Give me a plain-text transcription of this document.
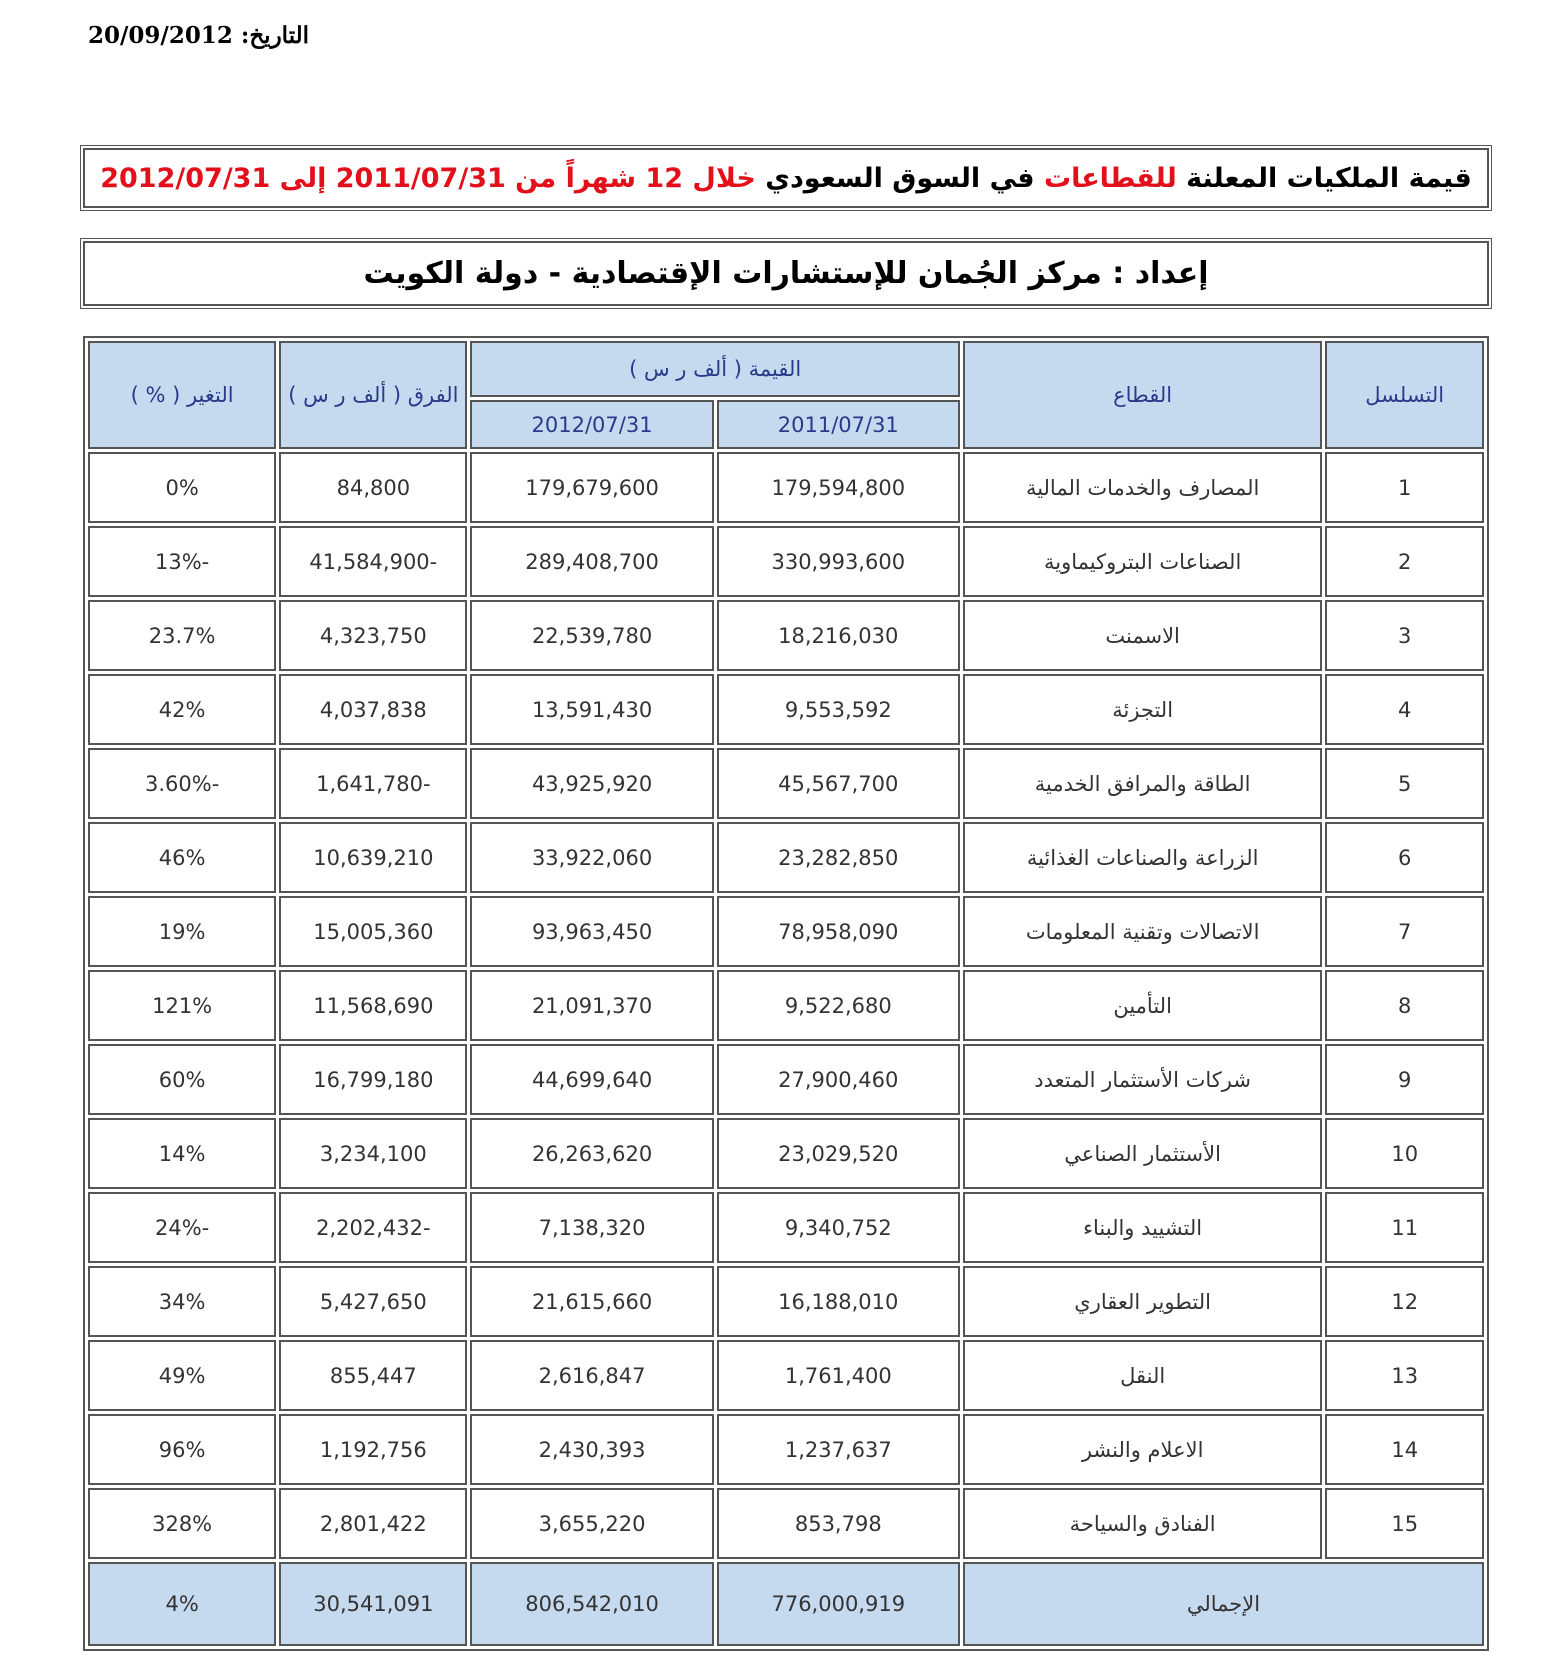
التاريخ: 20/09/2012
قيمة الملكيات المعلنة للقطاعات في السوق السعودي خلال 12 شهراً من 2011/07/31 إلى 2012/07/31
إعداد : مركز الجُمان للإستشارات الإقتصادية - دولة الكويت
التسلسل	القطاع	القيمة ( ألف ر س )		الفرق ( ألف ر س )	التغير ( % )
		2011/07/31	2012/07/31		
1	المصارف والخدمات المالية	179,594,800	179,679,600	84,800	0%
2	الصناعات البتروكيماوية	330,993,600	289,408,700	-41,584,900	-13%
3	الاسمنت	18,216,030	22,539,780	4,323,750	23.7%
4	التجزئة	9,553,592	13,591,430	4,037,838	42%
5	الطاقة والمرافق الخدمية	45,567,700	43,925,920	-1,641,780	-3.60%
6	الزراعة والصناعات الغذائية	23,282,850	33,922,060	10,639,210	46%
7	الاتصالات وتقنية المعلومات	78,958,090	93,963,450	15,005,360	19%
8	التأمين	9,522,680	21,091,370	11,568,690	121%
9	شركات الأستثمار المتعدد	27,900,460	44,699,640	16,799,180	60%
10	الأستثمار الصناعي	23,029,520	26,263,620	3,234,100	14%
11	التشييد والبناء	9,340,752	7,138,320	-2,202,432	-24%
12	التطوير العقاري	16,188,010	21,615,660	5,427,650	34%
13	النقل	1,761,400	2,616,847	855,447	49%
14	الاعلام والنشر	1,237,637	2,430,393	1,192,756	96%
15	الفنادق والسياحة	853,798	3,655,220	2,801,422	328%
الإجمالي		776,000,919	806,542,010	30,541,091	4%
